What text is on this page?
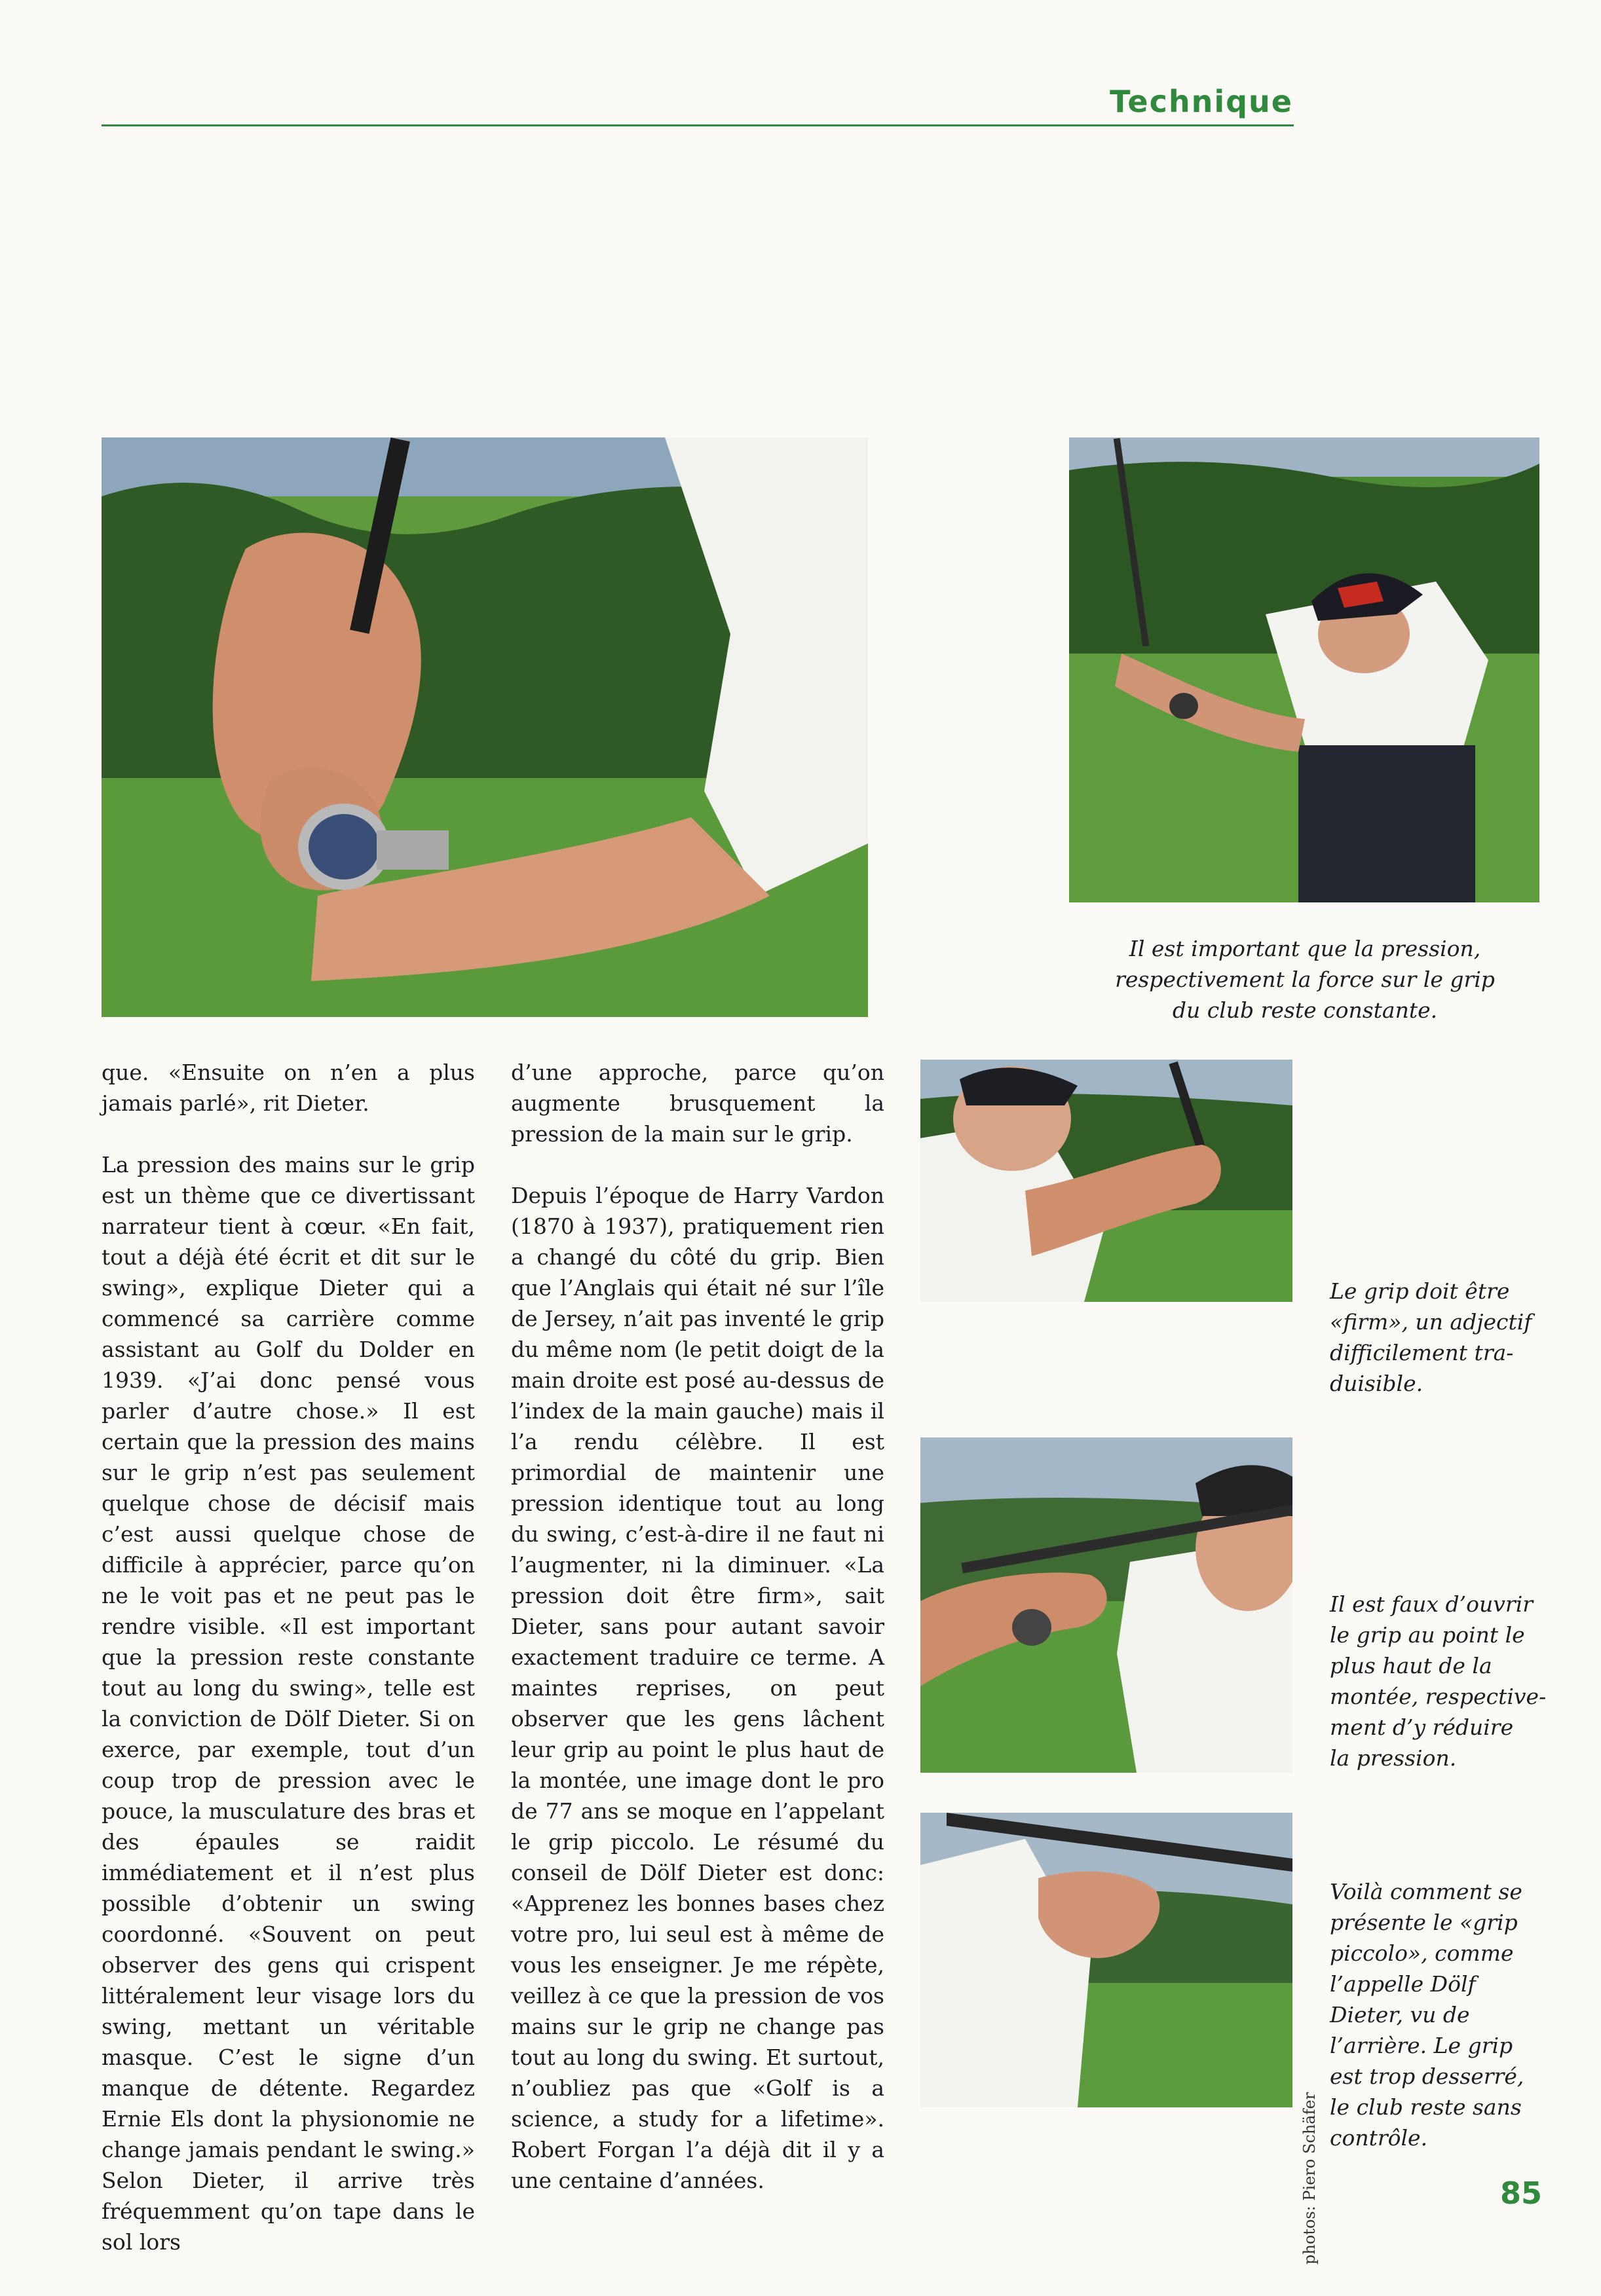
Technique
Il est important que la pression,
respectivement la force sur le grip
du club reste constante.
Le grip doit être
«firm», un adjectif
difficilement tra-
duisible.
Il est faux d’ouvrir
le grip au point le
plus haut de la
montée, respective-
ment d’y réduire
la pression.
Voilà comment se
présente le «grip
piccolo», comme
l’appelle Dölf
Dieter, vu de
l’arrière. Le grip
est trop desserré,
le club reste sans
contrôle.

que. «Ensuite on n’en a plus jamais parlé», rit Dieter.

La pression des mains sur le grip est un thème que ce divertissant narrateur tient à cœur. «En fait, tout a déjà été écrit et dit sur le swing», explique Dieter qui a commencé sa carrière comme assistant au Golf du Dolder en 1939. «J’ai donc pensé vous parler d’autre chose.» Il est certain que la pression des mains sur le grip n’est pas seulement quelque chose de décisif mais c’est aussi quelque chose de difficile à apprécier, parce qu’on ne le voit pas et ne peut pas le rendre visible. «Il est important que la pression reste constante tout au long du swing», telle est la conviction de Dölf Dieter. Si on exerce, par exemple, tout d’un coup trop de pression avec le pouce, la musculature des bras et des épaules se raidit immédiatement et il n’est plus possible d’obtenir un swing coordonné. «Souvent on peut observer des gens qui crispent littéralement leur visage lors du swing, mettant un véritable masque. C’est le signe d’un manque de détente. Regardez Ernie Els dont la physionomie ne change jamais pendant le swing.» Selon Dieter, il arrive très fréquemment qu’on tape dans le sol lors

d’une approche, parce qu’on augmente brusquement la pression de la main sur le grip.

Depuis l’époque de Harry Vardon (1870 à 1937), pratiquement rien a changé du côté du grip. Bien que l’Anglais qui était né sur l’île de Jersey, n’ait pas inventé le grip du même nom (le petit doigt de la main droite est posé au-dessus de l’index de la main gauche) mais il l’a rendu célèbre. Il est primordial de maintenir une pression identique tout au long du swing, c’est-à-dire il ne faut ni l’augmenter, ni la diminuer. «La pression doit être firm», sait Dieter, sans pour autant savoir exactement traduire ce terme. A maintes reprises, on peut observer que les gens lâchent leur grip au point le plus haut de la montée, une image dont le pro de 77 ans se moque en l’appelant le grip piccolo. Le résumé du conseil de Dölf Dieter est donc: «Apprenez les bonnes bases chez votre pro, lui seul est à même de vous les enseigner. Je me répète, veillez à ce que la pression de vos mains sur le grip ne change pas tout au long du swing. Et surtout, n’oubliez pas que «Golf is a science, a study for a lifetime». Robert Forgan l’a déjà dit il y a une centaine d’années.	photos: Piero Schäfer	85
